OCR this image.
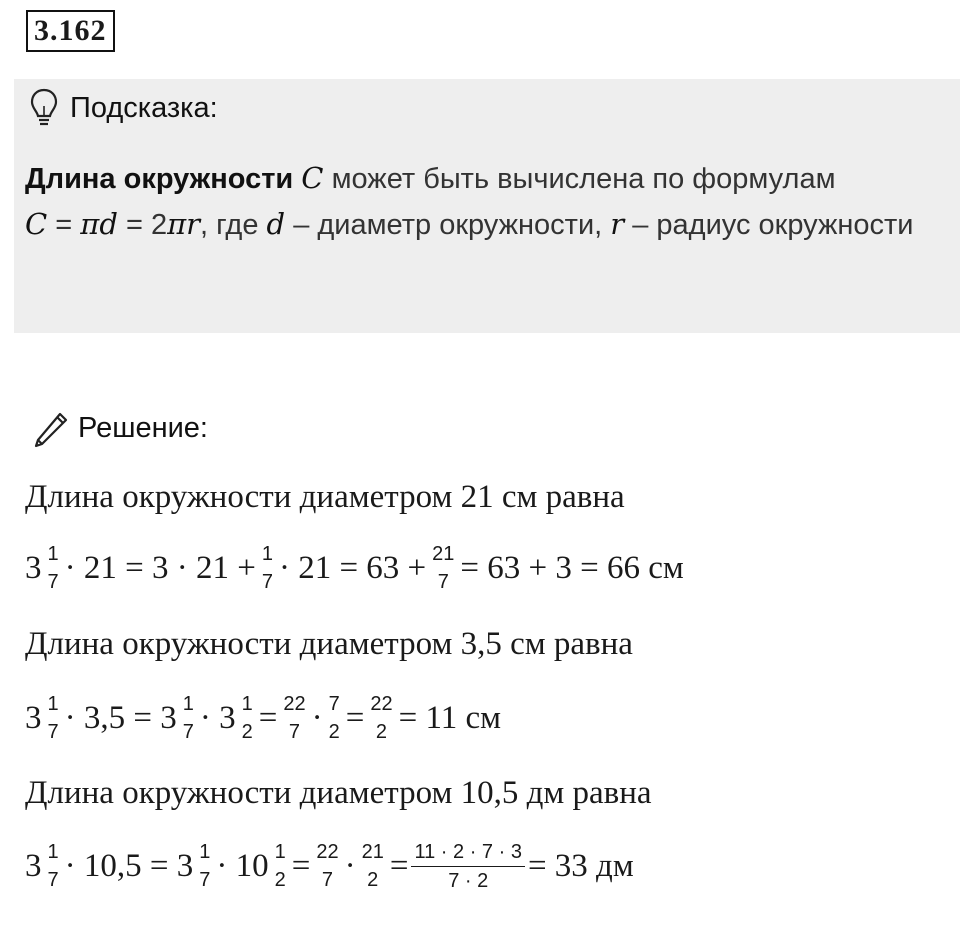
3.162
Подсказка:
Длина окружности C может быть вычислена по формулам
C = πd = 2πr, где d – диаметр окружности, r – радиус окружности
Решение:
Длина окружности диаметром 21 см равна
3 1
7 · 21 = 3 · 21 + 1
7 · 21 = 63 + 21
7 = 63 + 3 = 66 см
Длина окружности диаметром 3,5 см равна
3 1
7 · 3,5 = 3 1
7 · 3 1
2 = 22
7 · 7
2 = 22
2 = 11 см
Длина окружности диаметром 10,5 дм равна
3 1
7 · 10,5 = 3 1
7 · 10 1
2 = 22
7 · 21
$2 = \frac{11 \cdot 2 \cdot 7 \cdot 3}{7 \cdot 2} = 33$ дм
